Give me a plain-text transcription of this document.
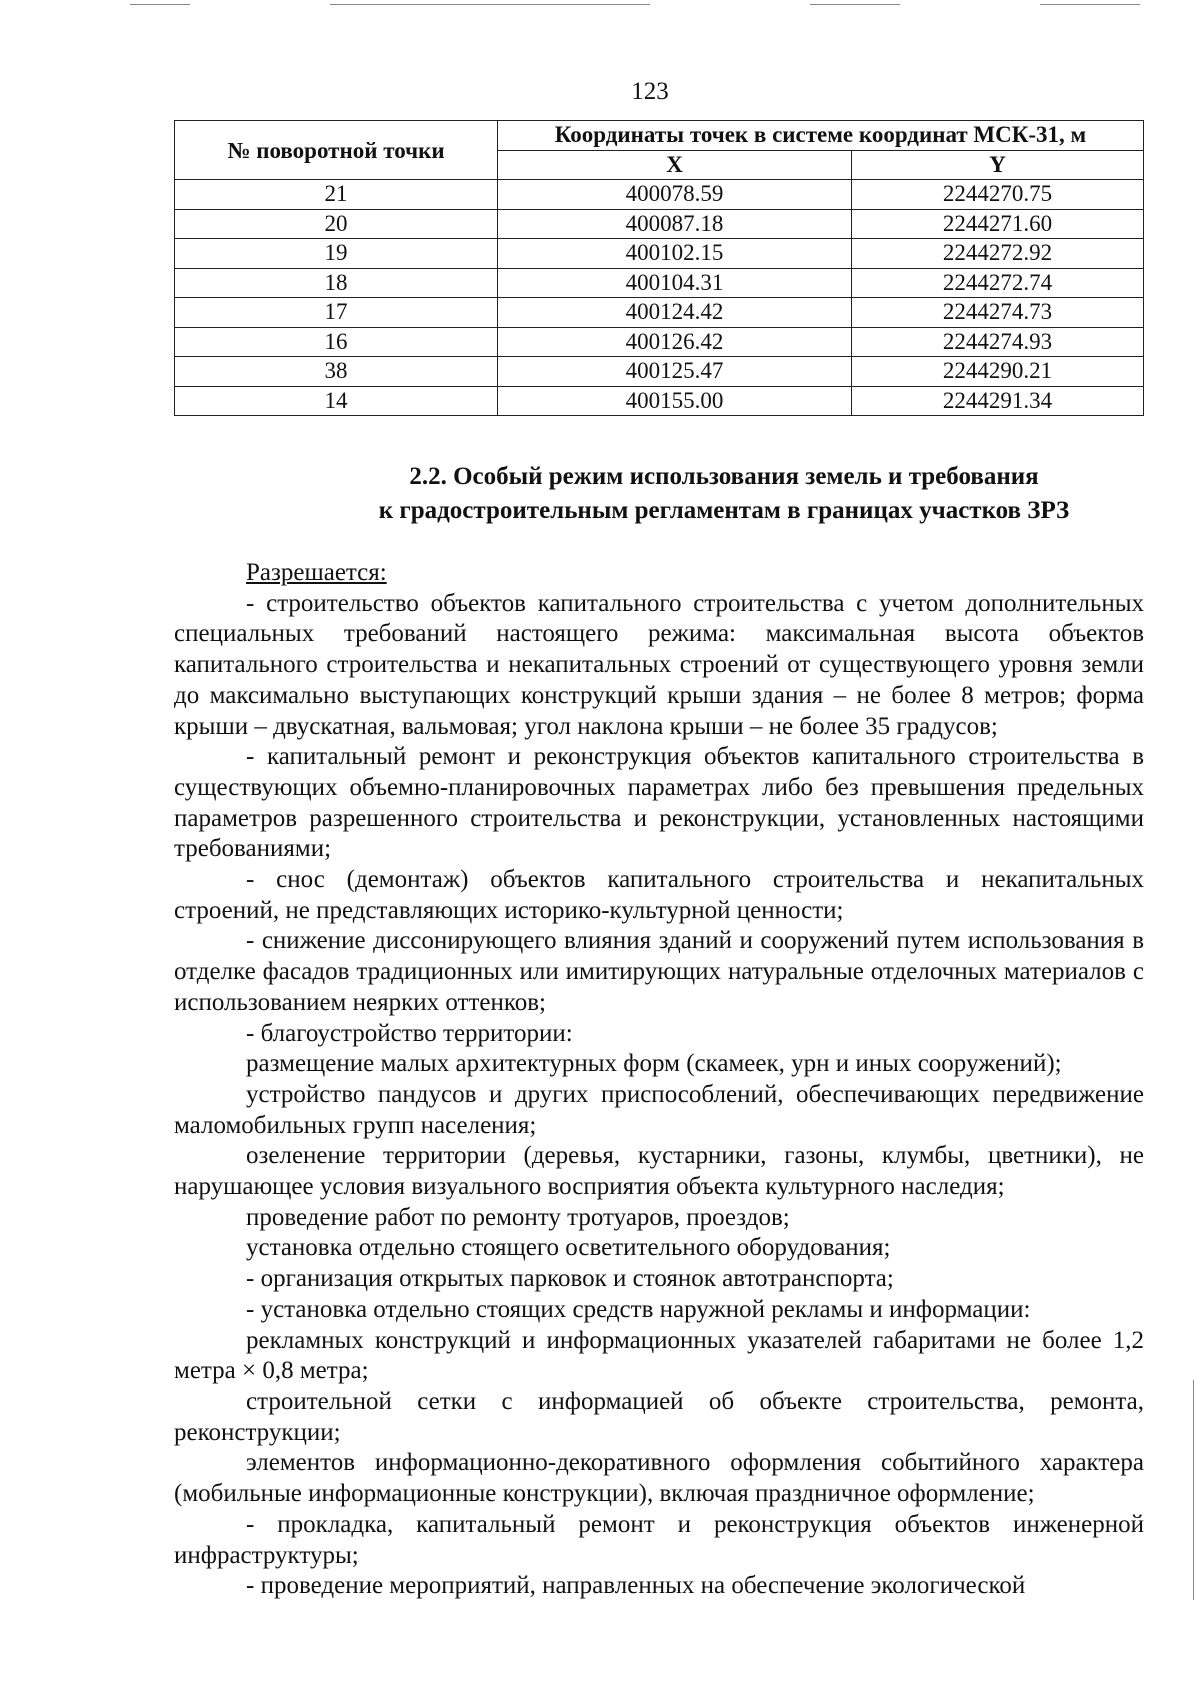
123
№ поворотной точки	Координаты точек в системе координат МСК-31, м	
	X	Y
21	400078.59	2244270.75
20	400087.18	2244271.60
19	400102.15	2244272.92
18	400104.31	2244272.74
17	400124.42	2244274.73
16	400126.42	2244274.93
38	400125.47	2244290.21
14	400155.00	2244291.34
2.2. Особый режим использования земель и требования
к градостроительным регламентам в границах участков ЗРЗ

Разрешается:

- строительство объектов капитального строительства с учетом дополнительных специальных требований настоящего режима: максимальная высота объектов капитального строительства и некапитальных строений от существующего уровня земли до максимально выступающих конструкций крыши здания – не более 8 метров; форма крыши – двускатная, вальмовая; угол наклона крыши – не более 35 градусов;

- капитальный ремонт и реконструкция объектов капитального строительства в существующих объемно-планировочных параметрах либо без превышения предельных параметров разрешенного строительства и реконструкции, установленных настоящими требованиями;

- снос (демонтаж) объектов капитального строительства и некапитальных строений, не представляющих историко-культурной ценности;

- снижение диссонирующего влияния зданий и сооружений путем использования в отделке фасадов традиционных или имитирующих натуральные отделочных материалов с использованием неярких оттенков;

- благоустройство территории:

размещение малых архитектурных форм (скамеек, урн и иных сооружений);

устройство пандусов и других приспособлений, обеспечивающих передвижение маломобильных групп населения;

озеленение территории (деревья, кустарники, газоны, клумбы, цветники), не нарушающее условия визуального восприятия объекта культурного наследия;

проведение работ по ремонту тротуаров, проездов;

установка отдельно стоящего осветительного оборудования;

- организация открытых парковок и стоянок автотранспорта;

- установка отдельно стоящих средств наружной рекламы и информации:

рекламных конструкций и информационных указателей габаритами не более 1,2 метра × 0,8 метра;

строительной сетки с информацией об объекте строительства, ремонта, реконструкции;

элементов информационно-декоративного оформления событийного характера (мобильные информационные конструкции), включая праздничное оформление;

- прокладка, капитальный ремонт и реконструкция объектов инженерной инфраструктуры;

- проведение мероприятий, направленных на обеспечение экологической
